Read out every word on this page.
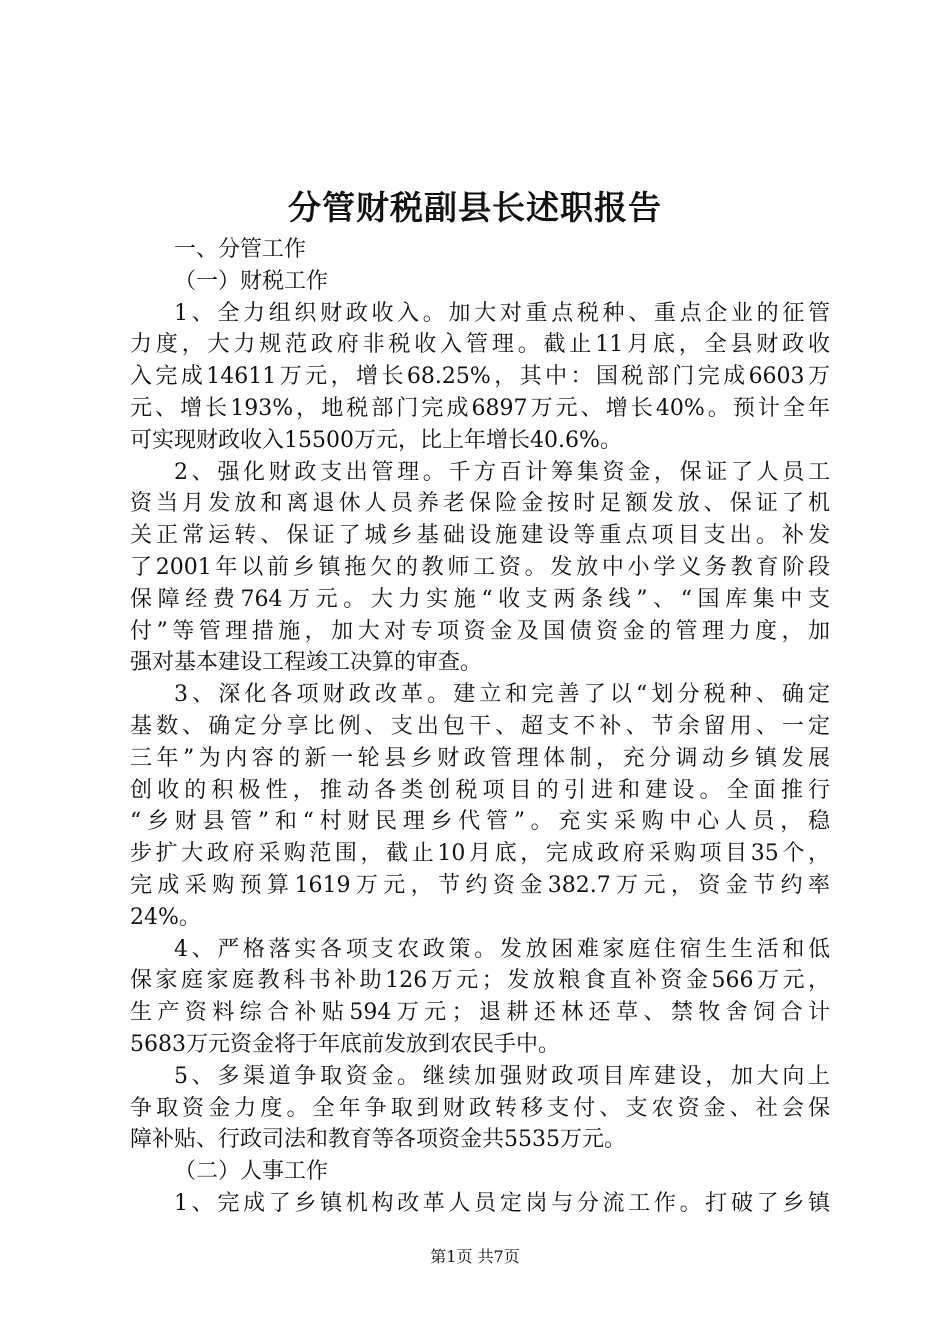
分管财税副县长述职报告
一、分管工作
（一）财税工作
1、全力组织财政收入。加大对重点税种、重点企业的征管
力度，大力规范政府非税收入管理。截止11月底，全县财政收
入完成14611万元，增长68.25%，其中：国税部门完成6603万
元、增长193%，地税部门完成6897万元、增长40%。预计全年
可实现财政收入15500万元，比上年增长40.6%。
2、强化财政支出管理。千方百计筹集资金，保证了人员工
资当月发放和离退休人员养老保险金按时足额发放、保证了机
关正常运转、保证了城乡基础设施建设等重点项目支出。补发
了2001年以前乡镇拖欠的教师工资。发放中小学义务教育阶段
保障经费764万元。大力实施“收支两条线”、“国库集中支
付”等管理措施，加大对专项资金及国债资金的管理力度，加
强对基本建设工程竣工决算的审查。
3、深化各项财政改革。建立和完善了以“划分税种、确定
基数、确定分享比例、支出包干、超支不补、节余留用、一定
三年”为内容的新一轮县乡财政管理体制，充分调动乡镇发展
创收的积极性，推动各类创税项目的引进和建设。全面推行
“乡财县管”和“村财民理乡代管”。充实采购中心人员，稳
步扩大政府采购范围，截止10月底，完成政府采购项目35个，
完成采购预算1619万元，节约资金382.7万元，资金节约率
24%。
4、严格落实各项支农政策。发放困难家庭住宿生生活和低
保家庭家庭教科书补助126万元；发放粮食直补资金566万元，
生产资料综合补贴594万元；退耕还林还草、禁牧舍饲合计
5683万元资金将于年底前发放到农民手中。
5、多渠道争取资金。继续加强财政项目库建设，加大向上
争取资金力度。全年争取到财政转移支付、支农资金、社会保
障补贴、行政司法和教育等各项资金共5535万元。
（二）人事工作
1、完成了乡镇机构改革人员定岗与分流工作。打破了乡镇
第1页 共7页
